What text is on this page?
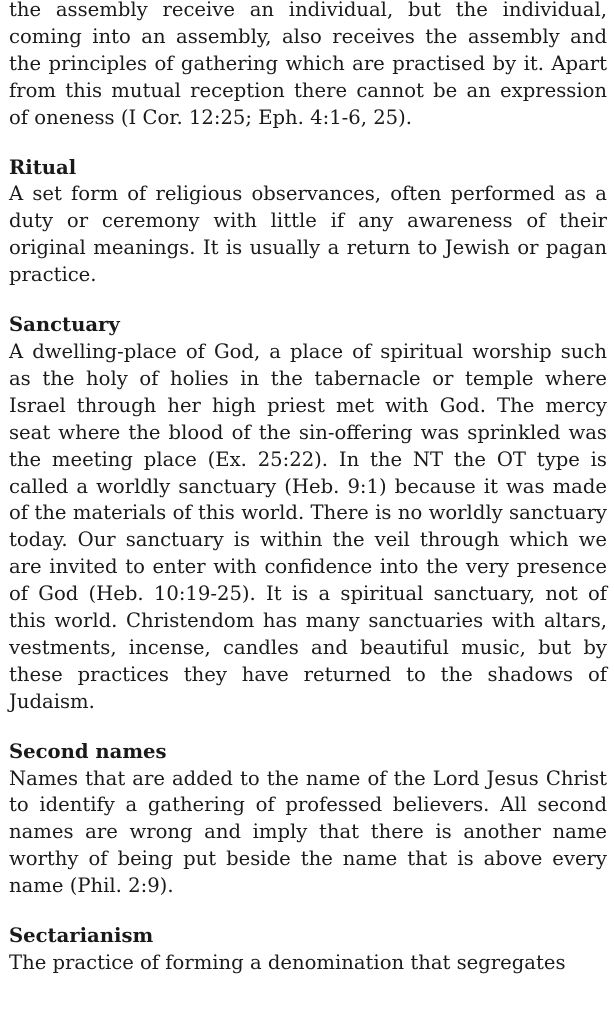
the assembly receive an individual, but the individual, coming into an assembly, also receives the assembly and the principles of gathering which are practised by it. Apart from this mutual reception there cannot be an expression of oneness (I Cor. 12:25; Eph. 4:1-6, 25).

Ritual

A set form of religious observances, often performed as a duty or ceremony with little if any awareness of their original meanings. It is usually a return to Jewish or pagan practice.

Sanctuary

A dwelling-place of God, a place of spiritual worship such as the holy of holies in the tabernacle or temple where Israel through her high priest met with God. The mercy seat where the blood of the sin-offering was sprinkled was the meeting place (Ex. 25:22). In the NT the OT type is called a worldly sanctuary (Heb. 9:1) because it was made of the materials of this world. There is no worldly sanctuary today. Our sanctuary is within the veil through which we are invited to enter with confidence into the very presence of God (Heb. 10:19-25). It is a spiritual sanctuary, not of this world. Christendom has many sanctuaries with altars, vestments, incense, candles and beautiful music, but by these practices they have returned to the shadows of Judaism.

Second names

Names that are added to the name of the Lord Jesus Christ to identify a gathering of professed believers. All second names are wrong and imply that there is another name worthy of being put beside the name that is above every name (Phil. 2:9).

Sectarianism

The practice of forming a denomination that segregates
